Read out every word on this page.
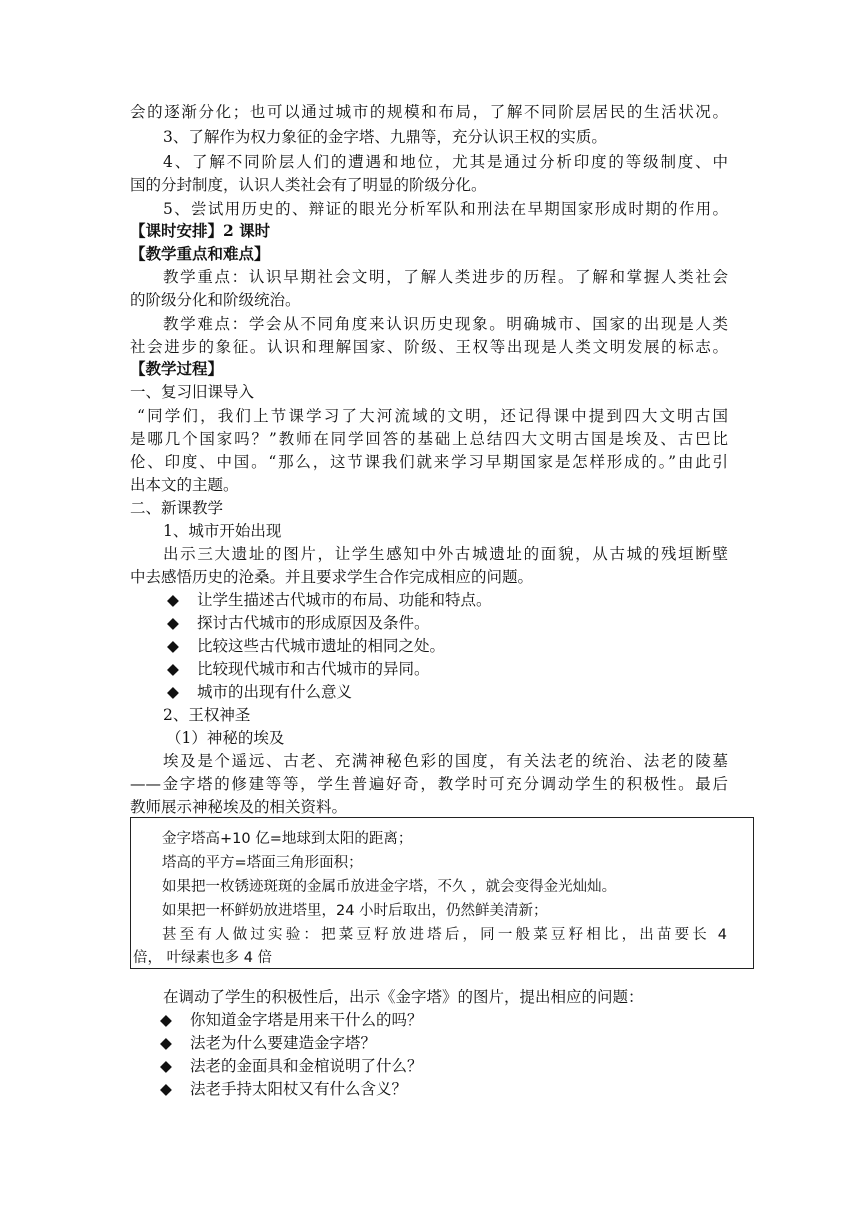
会的逐渐分化；也可以通过城市的规模和布局，了解不同阶层居民的生活状况。
3、了解作为权力象征的金字塔、九鼎等，充分认识王权的实质。
4、了解不同阶层人们的遭遇和地位，尤其是通过分析印度的等级制度、中
国的分封制度，认识人类社会有了明显的阶级分化。
5、尝试用历史的、辩证的眼光分析军队和刑法在早期国家形成时期的作用。
【课时安排】2 课时
【教学重点和难点】
教学重点：认识早期社会文明，了解人类进步的历程。了解和掌握人类社会
的阶级分化和阶级统治。
教学难点：学会从不同角度来认识历史现象。明确城市、国家的出现是人类
社会进步的象征。认识和理解国家、阶级、王权等出现是人类文明发展的标志。
【教学过程】
一、复习旧课导入
“同学们，我们上节课学习了大河流域的文明，还记得课中提到四大文明古国
是哪几个国家吗？”教师在同学回答的基础上总结四大文明古国是埃及、古巴比
伦、印度、中国。“那么，这节课我们就来学习早期国家是怎样形成的。”由此引
出本文的主题。
二、新课教学
1、城市开始出现
出示三大遗址的图片，让学生感知中外古城遗址的面貌，从古城的残垣断壁
中去感悟历史的沧桑。并且要求学生合作完成相应的问题。
◆ 让学生描述古代城市的布局、功能和特点。
◆ 探讨古代城市的形成原因及条件。
◆ 比较这些古代城市遗址的相同之处。
◆ 比较现代城市和古代城市的异同。
◆ 城市的出现有什么意义
2、王权神圣
（1）神秘的埃及
埃及是个遥远、古老、充满神秘色彩的国度，有关法老的统治、法老的陵墓
——金字塔的修建等等，学生普遍好奇，教学时可充分调动学生的积极性。最后
教师展示神秘埃及的相关资料。
金字塔高+10 亿=地球到太阳的距离；
塔高的平方=塔面三角形面积；
如果把一枚锈迹斑斑的金属币放进金字塔，不久 ，就会变得金光灿灿。
如果把一杯鲜奶放进塔里，24 小时后取出，仍然鲜美清新；
甚至有人做过实验：把菜豆籽放进塔后，同一般菜豆籽相比，出苗要长 4
倍， 叶绿素也多 4 倍
在调动了学生的积极性后，出示《金字塔》的图片，提出相应的问题：
◆ 你知道金字塔是用来干什么的吗？
◆ 法老为什么要建造金字塔？
◆ 法老的金面具和金棺说明了什么？
◆ 法老手持太阳杖又有什么含义？
